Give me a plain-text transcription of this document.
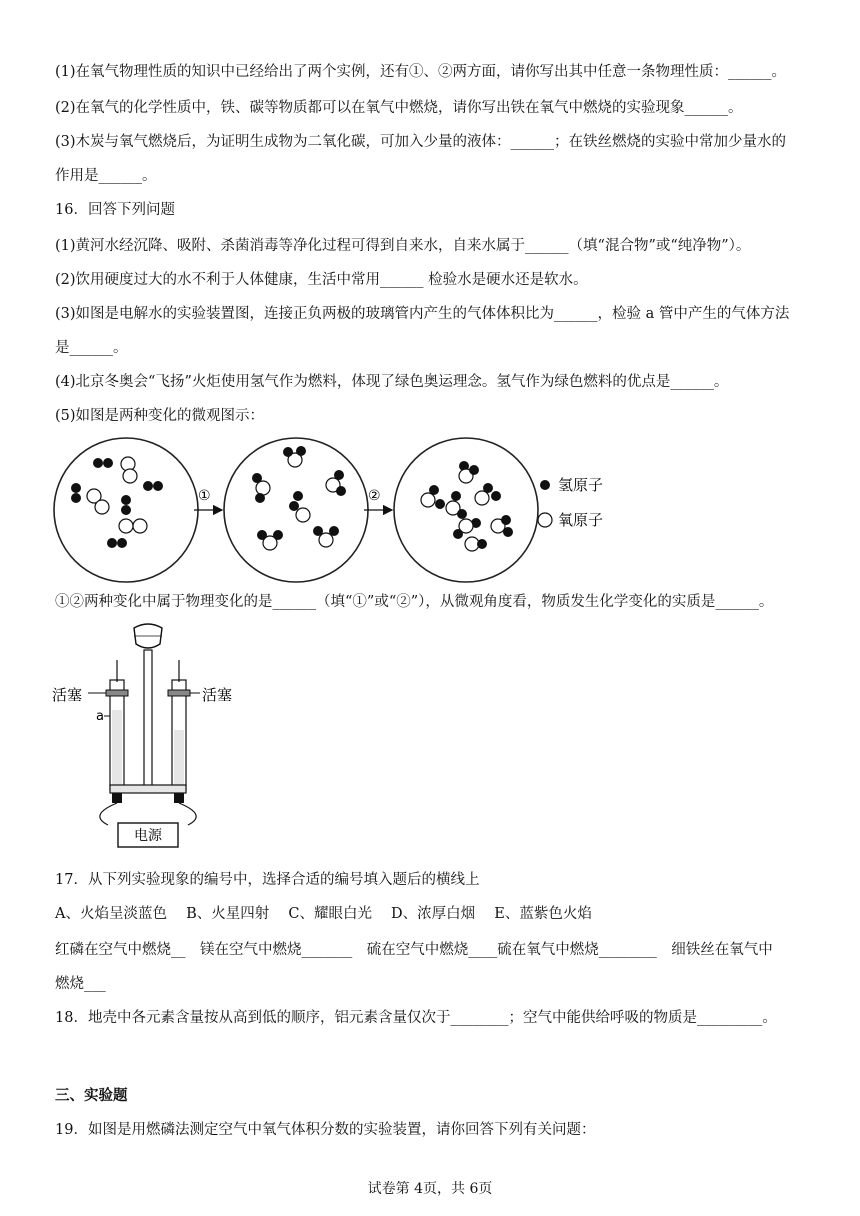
(1)在氧气物理性质的知识中已经给出了两个实例，还有①、②两方面，请你写出其中任意一条物理性质：______。
(2)在氧气的化学性质中，铁、碳等物质都可以在氧气中燃烧，请你写出铁在氧气中燃烧的实验现象______。
(3)木炭与氧气燃烧后，为证明生成物为二氧化碳，可加入少量的液体：______；在铁丝燃烧的实验中常加少量水的
作用是______。
16．回答下列问题
(1)黄河水经沉降、吸附、杀菌消毒等净化过程可得到自来水，自来水属于______（填“混合物”或“纯净物”）。
(2)饮用硬度过大的水不利于人体健康，生活中常用______ 检验水是硬水还是软水。
(3)如图是电解水的实验装置图，连接正负两极的玻璃管内产生的气体体积比为______，检验 a 管中产生的气体方法
是______。
(4)北京冬奥会“飞扬”火炬使用氢气作为燃料，体现了绿色奥运理念。氢气作为绿色燃料的优点是______。
(5)如图是两种变化的微观图示：
①	②
氢原子
氧原子
①②两种变化中属于物理变化的是______（填“①”或“②”），从微观角度看，物质发生化学变化的实质是______。
电源
活塞	活塞
a
17．从下列实验现象的编号中，选择合适的编号填入题后的横线上
A、火焰呈淡蓝色　 B、火星四射　 C、耀眼白光　 D、浓厚白烟　 E、蓝紫色火焰
红磷在空气中燃烧__　镁在空气中燃烧_______　硫在空气中燃烧____硫在氧气中燃烧________　细铁丝在氧气中
燃烧___
18．地壳中各元素含量按从高到低的顺序，铝元素含量仅次于________；空气中能供给呼吸的物质是_________。
三、实验题
19．如图是用燃磷法测定空气中氧气体积分数的实验装置，请你回答下列有关问题：
试卷第 4页，共 6页
